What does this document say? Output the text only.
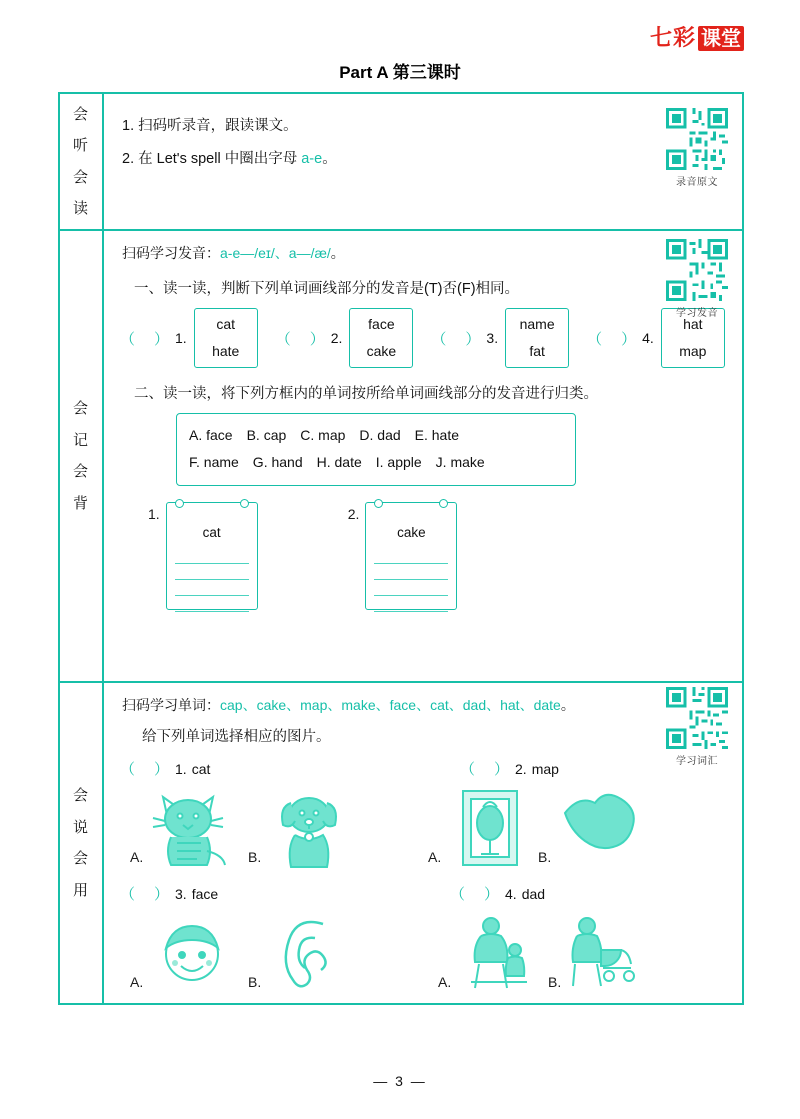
七彩 课堂
Part A 第三课时
会
听
会
读
1. 扫码听录音，跟读课文。
2. 在 Let's spell 中圈出字母 a-e。
录音原文
会
记
会
背
扫码学习发音：a-e—/eɪ/、a—/æ/。
学习发音
一、读一读，判断下列单词画线部分的发音是(T)否(F)相同。
（　） 1.
cat
hate
（　） 2.
face
cake
（　） 3.
name
fat
（　） 4.
hat
map
二、读一读，将下列方框内的单词按所给单词画线部分的发音进行归类。
A. face　B. cap　C. map　D. dad　E. hate
F. name　G. hand　H. date　I. apple　J. make
1.
cat
2.
cake
会
说
会
用
扫码学习单词：cap、cake、map、make、face、cat、dad、hat、date。
学习词汇
给下列单词选择相应的图片。
（　） 1. cat	（　） 2. map
A.	B.	A.	B.
（　） 3. face	（　） 4. dad
A.	B.	A.	B.
— 3 —
